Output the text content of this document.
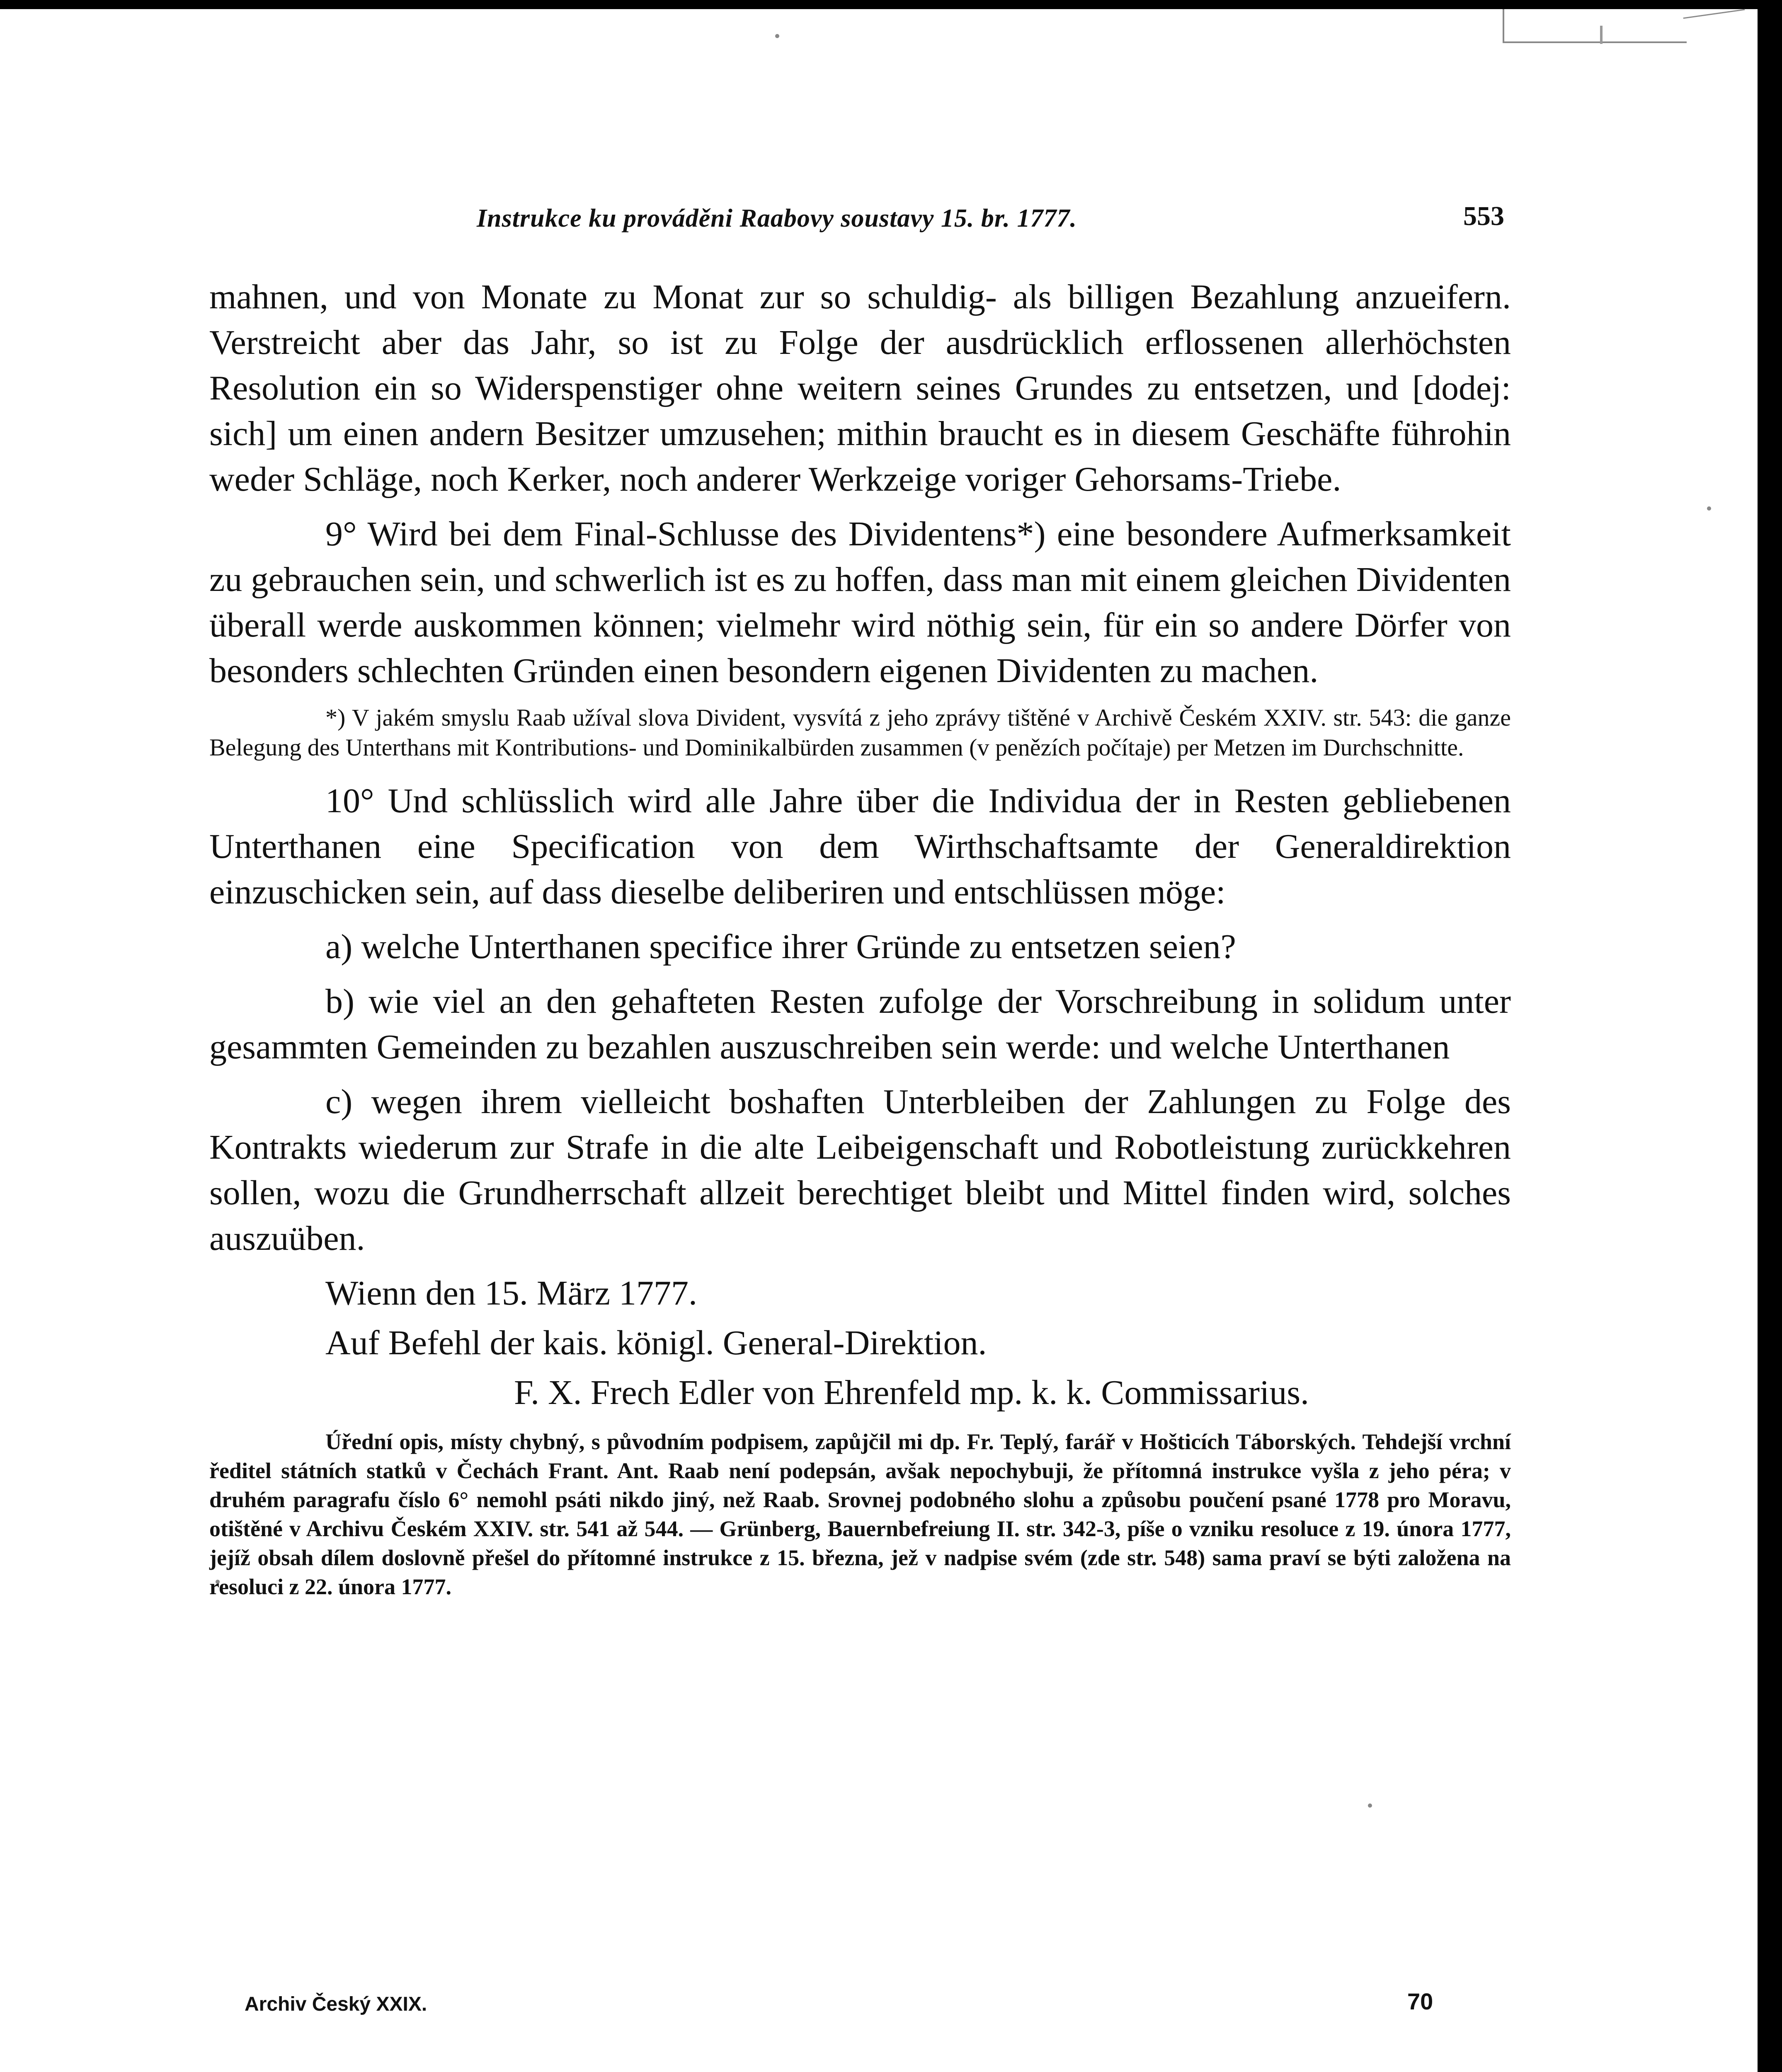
Instrukce ku prováděni Raabovy soustavy 15. br. 1777.	553

mahnen, und von Monate zu Monat zur so schuldig- als billigen Bezahlung anzueifern. Verstreicht aber das Jahr, so ist zu Folge der ausdrücklich erflossenen allerhöchsten Resolution ein so Widerspenstiger ohne weitern seines Grundes zu entsetzen, und [dodej: sich] um einen andern Besitzer umzusehen; mithin braucht es in diesem Geschäfte führohin weder Schläge, noch Kerker, noch anderer Werkzeige voriger Gehorsams-Triebe.

9° Wird bei dem Final-Schlusse des Dividentens*) eine besondere Aufmerksamkeit zu gebrauchen sein, und schwerlich ist es zu hoffen, dass man mit einem gleichen Dividenten überall werde auskommen können; vielmehr wird nöthig sein, für ein so andere Dörfer von besonders schlechten Gründen einen besondern eigenen Dividenten zu machen.

*) V jakém smyslu Raab užíval slova Divident, vysvítá z jeho zprávy tištěné v Archivě Českém XXIV. str. 543: die ganze Belegung des Unterthans mit Kontributions- und Dominikalbürden zusammen (v penězích počítaje) per Metzen im Durchschnitte.

10° Und schlüsslich wird alle Jahre über die Individua der in Resten gebliebenen Unterthanen eine Specification von dem Wirthschaftsamte der Generaldirektion einzuschicken sein, auf dass dieselbe deliberiren und entschlüssen möge:

a) welche Unterthanen specifice ihrer Gründe zu entsetzen seien?

b) wie viel an den gehafteten Resten zufolge der Vorschreibung in solidum unter gesammten Gemeinden zu bezahlen auszuschreiben sein werde: und welche Unterthanen

c) wegen ihrem vielleicht boshaften Unterbleiben der Zahlungen zu Folge des Kontrakts wiederum zur Strafe in die alte Leibeigenschaft und Robotleistung zurückkehren sollen, wozu die Grundherrschaft allzeit berechtiget bleibt und Mittel finden wird, solches auszuüben.

Wienn den 15. März 1777.

Auf Befehl der kais. königl. General-Direktion.

F. X. Frech Edler von Ehrenfeld mp. k. k. Commissarius.

Úřední opis, místy chybný, s původním podpisem, zapůjčil mi dp. Fr. Teplý, farář v Hošticích Táborských. Tehdejší vrchní ředitel státních statků v Čechách Frant. Ant. Raab není podepsán, avšak nepochybuji, že přítomná instrukce vyšla z jeho péra; v druhém paragrafu číslo 6° nemohl psáti nikdo jiný, než Raab. Srovnej podobného slohu a způsobu poučení psané 1778 pro Moravu, otištěné v Archivu Českém XXIV. str. 541 až 544. — Grünberg, Bauernbefreiung II. str. 342-3, píše o vzniku resoluce z 19. února 1777, jejíž obsah dílem doslovně přešel do přítomné instrukce z 15. března, jež v nadpise svém (zde str. 548) sama praví se býti založena na resoluci z 22. února 1777.

Archiv Český XXIX.	70
